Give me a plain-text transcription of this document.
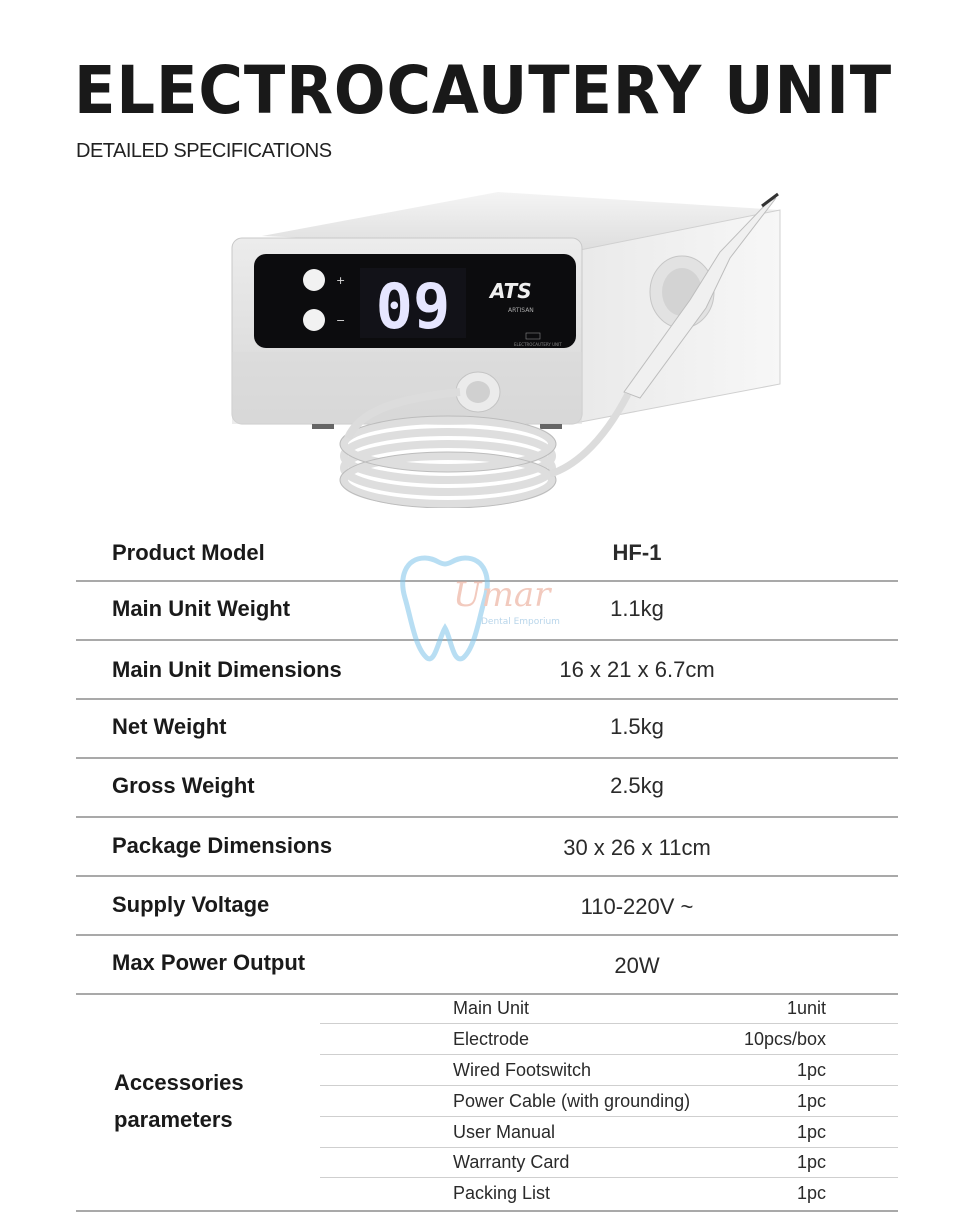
ELECTROCAUTERY UNIT
DETAILED SPECIFICATIONS
+
− 09 ATS
ARTISAN
ELECTROCAUTERY UNIT
Product Model	HF-1
Main Unit Weight	1.1kg
Main Unit Dimensions	16 x 21 x 6.7cm
Net Weight	1.5kg
Gross Weight	2.5kg
Package Dimensions	30 x 26 x 11cm
Supply Voltage	110-220V ~
Max Power Output	20W
Accessories
parameters
Main Unit	1unit
Electrode	10pcs/box
Wired Footswitch	1pc
Power Cable (with grounding)	1pc
User Manual	1pc
Warranty Card	1pc
Packing List	1pc
Umar
Dental Emporium
